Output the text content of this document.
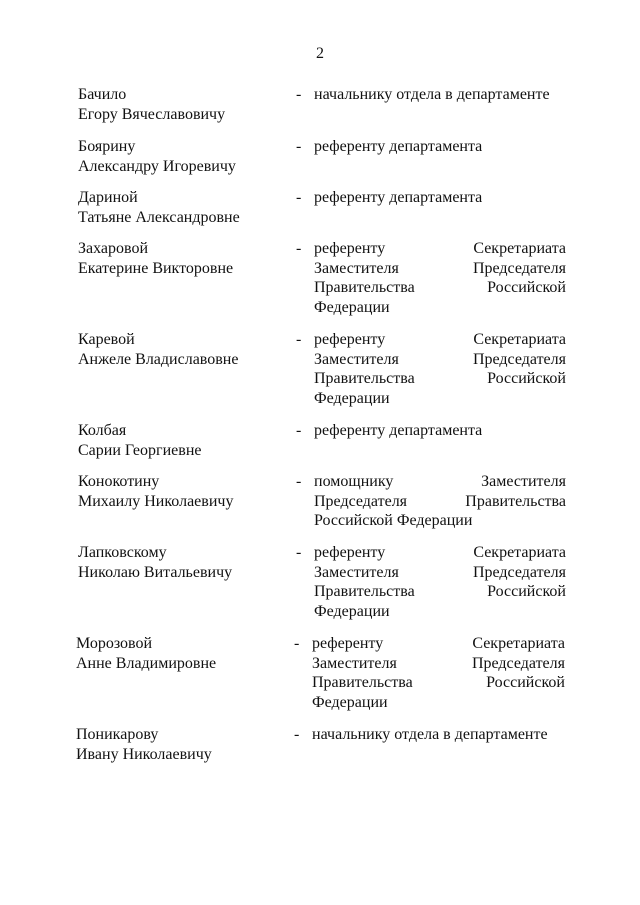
2
Бачило
Егору Вячеславовичу
- начальнику отдела в департаменте
Боярину
Александру Игоревичу
- референту департамента
Дариной
Татьяне Александровне
- референту департамента
Захаровой
Екатерине Викторовне
- референту Секретариата
Заместителя Председателя
Правительства Российской
Федерации
Каревой
Анжеле Владиславовне
- референту Секретариата
Заместителя Председателя
Правительства Российской
Федерации
Колбая
Сарии Георгиевне
- референту департамента
Конокотину
Михаилу Николаевичу
- помощнику Заместителя
Председателя Правительства
Российской Федерации
Лапковскому
Николаю Витальевичу
- референту Секретариата
Заместителя Председателя
Правительства Российской
Федерации
Морозовой
Анне Владимировне
- референту Секретариата
Заместителя Председателя
Правительства Российской
Федерации
Поникарову
Ивану Николаевичу
- начальнику отдела в департаменте
